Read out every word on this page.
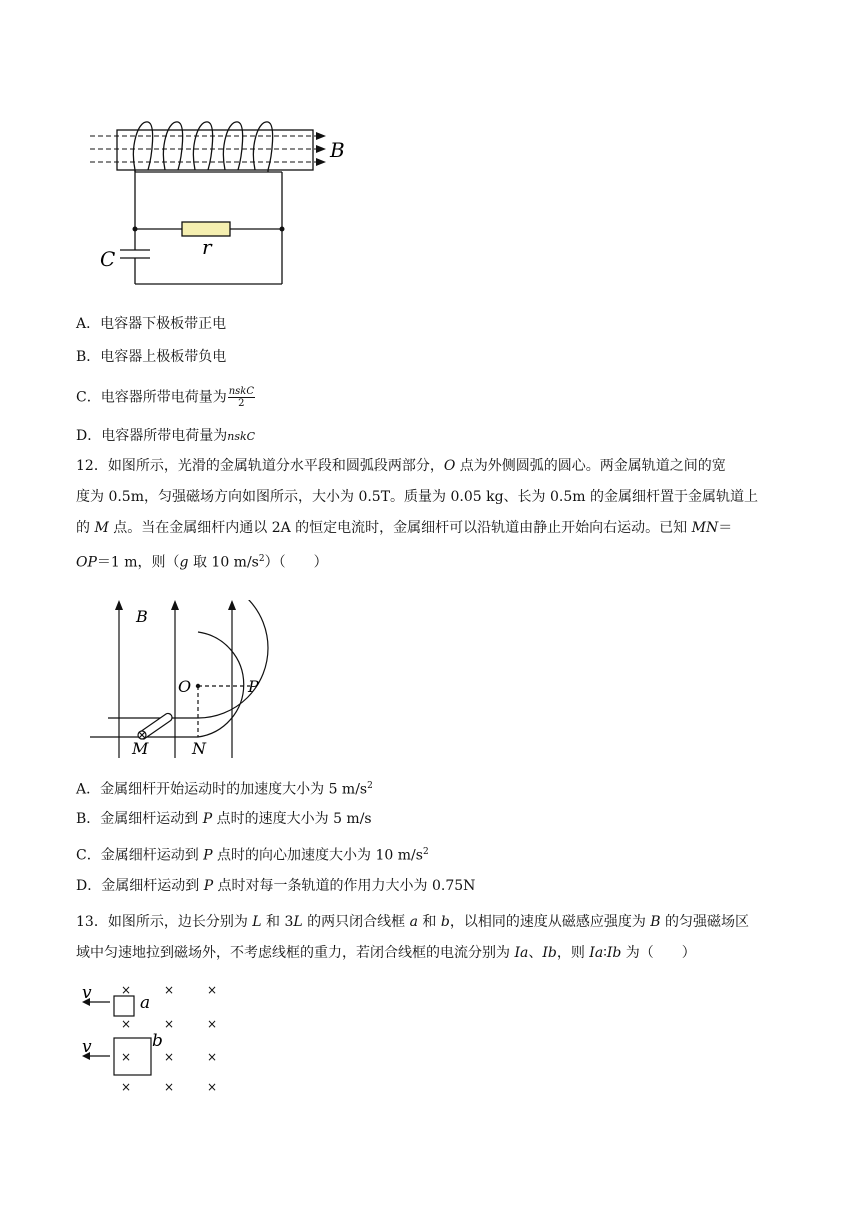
B
r
C
A．电容器下极板带正电
B．电容器上极板带负电
C．电容器所带电荷量为 $\frac{\text{nskC}}{2}$
D．电容器所带电荷量为nskC
12．如图所示，光滑的金属轨道分水平段和圆弧段两部分，O 点为外侧圆弧的圆心。两金属轨道之间的宽
度为 0.5m，匀强磁场方向如图所示，大小为 0.5T。质量为 0.05 kg、长为 0.5m 的金属细杆置于金属轨道上
的 M 点。当在金属细杆内通以 2A 的恒定电流时，金属细杆可以沿轨道由静止开始向右运动。已知 MN＝
OP＝1 m，则（g 取 10 $m/s^2$）（　　）
B
O	P
M	N
A．金属细杆开始运动时的加速度大小为 5 $m/s^2$
B．金属细杆运动到 P 点时的速度大小为 5 m/s
C．金属细杆运动到 P 点时的向心加速度大小为 10 $m/s^2$
D．金属细杆运动到 P 点时对每一条轨道的作用力大小为 0.75N
13．如图所示，边长分别为 L 和 3L 的两只闭合线框 a 和 b，以相同的速度从磁感应强度为 B 的匀强磁场区
域中匀速地拉到磁场外，不考虑线框的重力，若闭合线框的电流分别为 Ia、Ib，则 Ia∶Ib 为（　　）
v	a
v	b
×	×	×
×	×	×
×	×	×
×	×	×
